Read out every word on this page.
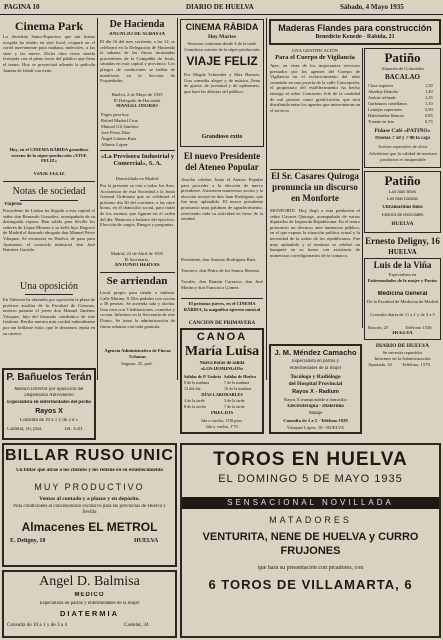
PAGINA 10	DIARIO DE HUELVA	Sábado, 4 Mayo 1935
Cinema Park
La divertida Santo-Espartero que tan buena acogida ha tenido en este local, ocuparà en el cartel nuevamente para mañana, miércoles, a las siete y las nueve. Dicha obra viene siendo festejada con el pleno favor del público que llena el teatro. Hoy se proyectará además la película Juanita de Jabalí con éxito.
Hoy, en el CINEMA RÁBIDA grandioso estreno de la súper-producción «VIVE FELIZ»
VIAJE FELIZ
Notas de sociedad
Viajeros
Procedente de Lisboa ha llegado a esta capital el señor don Bernardo González, acompañado de su distinguida esposa. Han salido para Sevilla los señores de López Moreno y su bella hija. Regresó de Madrid el ilustrado abogado don Manuel Pérez Vázquez. Se encuentra en Huelva, de paso para Ayamonte, el conocido industrial don José Ramírez Garrido.
Una oposición
En Valencia ha obtenido por oposición la plaza de profesor auxiliar de la Facultad de Ciencias, nuestro paisano el joven don Manuel Jiménez Vázquez, hijo del ilustrado catedrático de este Instituto. Reciba nuestra más cordial enhorabuena por tan brillante éxito, que le deseamos repita en su carrera.
P. Bañuelos Terán
Médico Director por oposición del
Dispensario Antivenéreo
Especialista en enfermedades del pecho
Rayos X
Consulta de 10 a 1 y de 3 a 5
Castelar, 16, pral.	Tel. 1591
De Hacienda
ANUNCIO DE SUBASTA
El día 16 del mes corriente, a las 12, se celebrará en la Delegación de Hacienda la subasta de las fincas incautadas procedentes de la Compañía de Jesús, situadas en esta capital y provincia. Los pliegos de condiciones se hallan de manifiesto en la Sección de Propiedades.
Huelva, 2 de Mayo de 1935
El Delegado de Hacienda
MANUEL OSORIO
Pagos para hoy
Rafael Madrid Cruz
Manuel Gil Sánchez
José Pérez Díaz
Ángel Gómez Ruiz
Alberto López
«La Previsora Industrial y Comercial», S. A.
Domiciliada en Madrid
Por la presente se cita a todos los Sres. Accionistas de esta Sociedad a la Junta General Ordinaria que se celebrará el próximo día 30 del corriente, a las once horas, en el domicilio social, para tratar de los asuntos que figuran en el orden del día. Memoria y balance del ejercicio. Elección de cargos. Ruegos y preguntas.
Madrid, 22 de Abril de 1935
El Secretario,
ANTONIO HERVAS
Se arriendan
Local propio para tienda o taberna. Calle Marina, 8. Dos pedidos con cocina a 50 pesetas. Se arrienda sala y alcoba. Una casa con 3 habitaciones, comedor y cocina. Informes en la Secretaría de este Diario. Se toma la administración de fincas urbanas con toda garantía.
Agencia Administrativa de Fincas Urbanas
Sagasta, 25, pral.
CINEMA RÁBIDA
Hoy Martes
Sesiones continuas desde 4 de la tarde
Grandioso estreno de la súper-producción
VIAJE FELIZ
Por Magda Schneider y Max Hansen. Una comedia alegre y de música, llena de gracia, de juventud y de optimismo, que hará las delicias del público.
Grandioso éxito
El nuevo Presidente del Ateneo Popular
Anoche celebró Junta el Ateneo Popular para proceder a la elección de nuevo presidente. Asistieron numerosos socios y la elección recayó en don Juan Rodríguez, que fue muy aplaudido. El nuevo presidente pronunció unas palabras de agradecimiento, ofreciendo toda su actividad en favor de la entidad.
Presidente, don Antonio Rodríguez Ruiz.
Tesorero, don Pedro de los Santos Moreno.
Vocales, don Ramón Carrasco, don José Martín y don Francisco Gómez.
El próximo jueves, en el CINEMA RÁBIDA, la magnífica opereta musical
CANCIÓN DE PRIMAVERA
Maderas Flandes para construcción
Benedicto Kenedo - Rábida, 21
UNA GRATIFICACIÓN
Para el Cuerpo de Vigilancia
Ayer, en vista de los importantes servicios prestados por los agentes del Cuerpo de Vigilancia en el esclarecimiento del robo cometido en una joyería de la calle Concepción, el propietario del establecimiento ha hecho entrega al señor Comisario Jefe de la cantidad de mil pesetas como gratificación, que será distribuida entre los agentes que intervinieron en el servicio.
El Sr. Casares Quiroga pronuncia un discurso en Monforte
MONFORTE. Hoy llegó a esta población el señor Casares Quiroga, acompañado de varios diputados de Izquierda Republicana. En el teatro pronunció un discurso ante numeroso público, en el que expuso la situación política actual y la necesidad de la unión de los republicanos. Fue muy aplaudido y al terminar se celebró un banquete en su honor con asistencia de numerosos correligionarios de la comarca.
Patiño
Almacén de Coloniales
BACALAO
Clase superior	1,50
Abadejo Islandia	1,40
Azúcar refinado	1,25
Garbanzos castellanos	1,10
Lentejas superiores	0,90
Habichuelas blancas	0,85
Tomate en lata	0,75
Pídase Café «PATIÑO»
Pesetas 7'50 y 7'00 la caja
Aceites especiales de oliva
Adviértase que la calidad de nuestros productos es insuperable
Patiño
Los más finos
Los más baratos
Ultramarinos finos
Fábrica de chocolates
HUELVA
Ernesto Deligny, 16
HUELVA
Luis de la Viña
Especialista en
Enfermedades de la mujer y Partos
Medicina General
De la Facultad de Medicina de Madrid
Consulta diaria de 11 a 1 y de 3 a 5
Rascón, 25	Teléfono 1536
HUELVA
DIARIO DE HUELVA
Se necesita repartidor
Informes en la Administración
Apartado, 43 Teléfono, 1578
CANOA
María Luisa
Nueva horas de salida
«LOS DOMINGOS»
Salidas de P. Umbría Salidas de Huelva
8 de la mañana	7 de la mañana
12 del día	10 de la mañana
DÍAS LABORABLES
4 de la tarde	3 de la tarde
8 de la noche	7 de la tarde
PRECIOS
Ida o vuelta, 1'00 ptas.
Ida y vuelta, 1'70
J. M. Méndez Camacho
Especialista en partos y
enfermedades de la mujer
Tocólogo y Radiólogo
del Hospital Provincial
Rayos X - Radium
Rayos X transportable a domicilio
Electroterapia - Diatermia
Masaje
Consulta de 3 a 5 - Teléfono 1929
Vázquez López, 10 - HUELVA
BILLAR RUSO UNIC
Un billar que atrae a los clientes y los retiene en su establecimiento
MUY PRODUCTIVO
Ventas al contado y a plazos y en depósito.
Pida condiciones al concesionario exclusivo para las provincias de Huelva y Sevilla
Almacenes EL METROL
E. Deligny, 18	HUELVA
Angel D. Balmisa
MÉDICO
Especialista en partos y enfermedades de la mujer
DIATERMIA
Consulta de 10 a 1 y de 3 a 4	Castelar, 34
TOROS EN HUELVA
EL DOMINGO 5 DE MAYO 1935
SENSACIONAL NOVILLADA
MATADORES
VENTURITA, NENE DE HUELVA y CURRO FRUJONES
que hará su presentación con picadores, con
6 TOROS DE VILLAMARTA, 6
